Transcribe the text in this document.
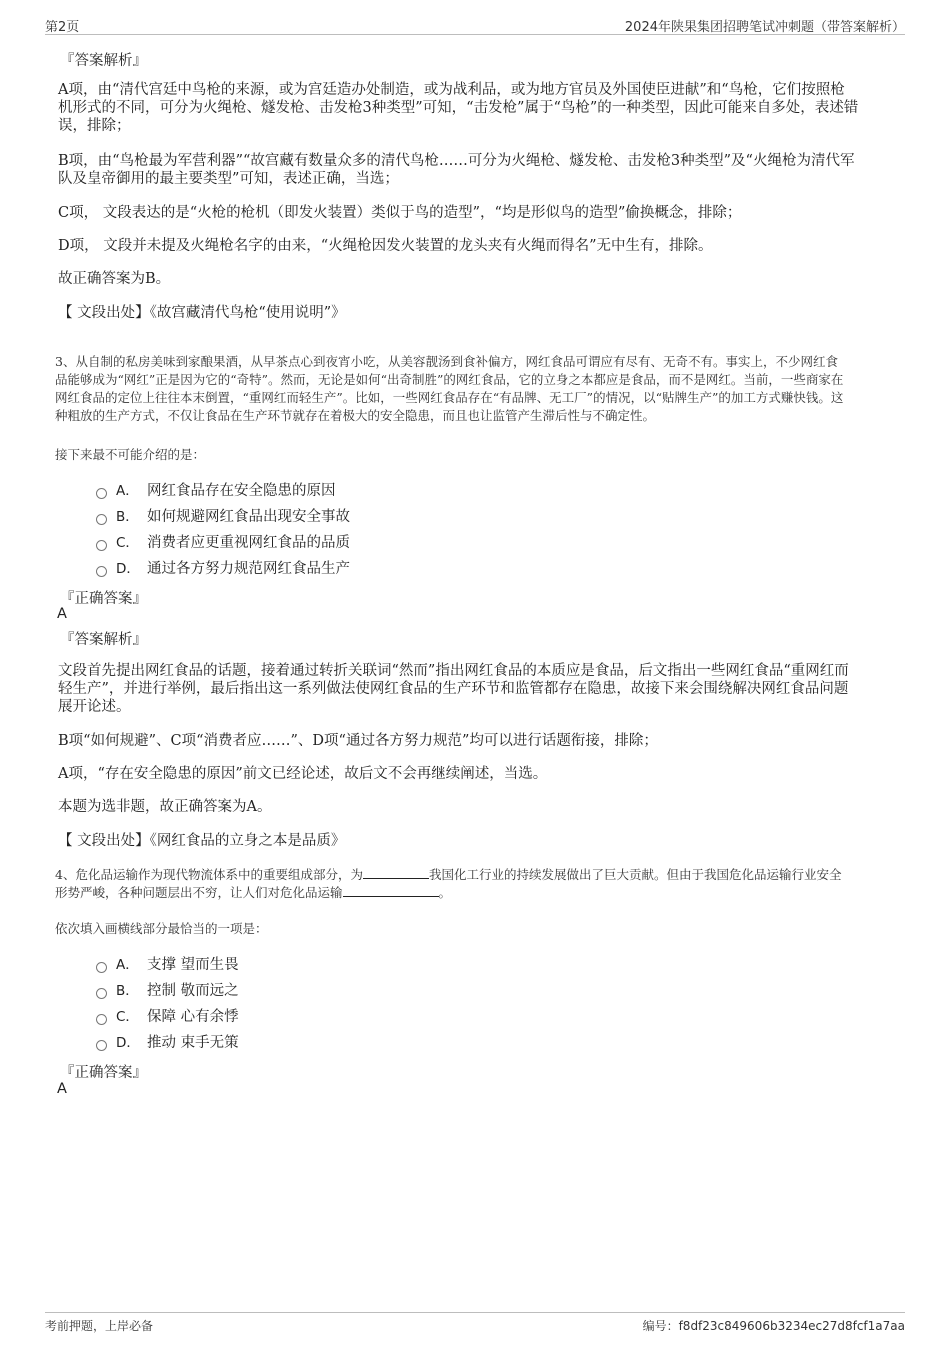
第2页	2024年陕果集团招聘笔试冲刺题（带答案解析）
『答案解析』
A项，由“清代宫廷中鸟枪的来源，或为宫廷造办处制造，或为战利品，或为地方官员及外国使臣进献”和“鸟枪，它们按照枪
机形式的不同，可分为火绳枪、燧发枪、击发枪3种类型”可知，“击发枪”属于“鸟枪”的一种类型，因此可能来自多处，表述错
误，排除；
B项，由“鸟枪最为军营利器”“故宫藏有数量众多的清代鸟枪……可分为火绳枪、燧发枪、击发枪3种类型”及“火绳枪为清代军
队及皇帝御用的最主要类型”可知，表述正确，当选；
C项， 文段表达的是“火枪的枪机（即发火装置）类似于鸟的造型”，“均是形似鸟的造型”偷换概念，排除；
D项， 文段并未提及火绳枪名字的由来，“火绳枪因发火装置的龙头夹有火绳而得名”无中生有，排除。
故正确答案为B。
【 文段出处】《故宫藏清代鸟枪“使用说明”》
3、从自制的私房美味到家酿果酒，从早茶点心到夜宵小吃，从美容靓汤到食补偏方，网红食品可谓应有尽有、无奇不有。事实上，不少网红食
品能够成为“网红”正是因为它的“奇特”。然而，无论是如何“出奇制胜”的网红食品，它的立身之本都应是食品，而不是网红。当前，一些商家在
网红食品的定位上往往本末倒置，“重网红而轻生产”。比如，一些网红食品存在“有品牌、无工厂”的情况，以“贴牌生产”的加工方式赚快钱。这
种粗放的生产方式，不仅让食品在生产环节就存在着极大的安全隐患，而且也让监管产生滞后性与不确定性。
接下来最不可能介绍的是：
A． 网红食品存在安全隐患的原因
B． 如何规避网红食品出现安全事故
C． 消费者应更重视网红食品的品质
D． 通过各方努力规范网红食品生产
『正确答案』
A
『答案解析』
文段首先提出网红食品的话题，接着通过转折关联词“然而”指出网红食品的本质应是食品，后文指出一些网红食品“重网红而
轻生产”，并进行举例，最后指出这一系列做法使网红食品的生产环节和监管都存在隐患，故接下来会围绕解决网红食品问题
展开论述。
B项“如何规避”、C项“消费者应……”、D项“通过各方努力规范”均可以进行话题衔接，排除；
A项，“存在安全隐患的原因”前文已经论述，故后文不会再继续阐述，当选。
本题为选非题，故正确答案为A。
【 文段出处】《网红食品的立身之本是品质》
4、危化品运输作为现代物流体系中的重要组成部分，为	我国化工行业的持续发展做出了巨大贡献。但由于我国危化品运输行业安全
形势严峻，各种问题层出不穷，让人们对危化品运输	。
依次填入画横线部分最恰当的一项是：
A． 支撑 望而生畏
B． 控制 敬而远之
C． 保障 心有余悸
D． 推动 束手无策
『正确答案』
A
考前押题，上岸必备	编号：f8df23c849606b3234ec27d8fcf1a7aa
